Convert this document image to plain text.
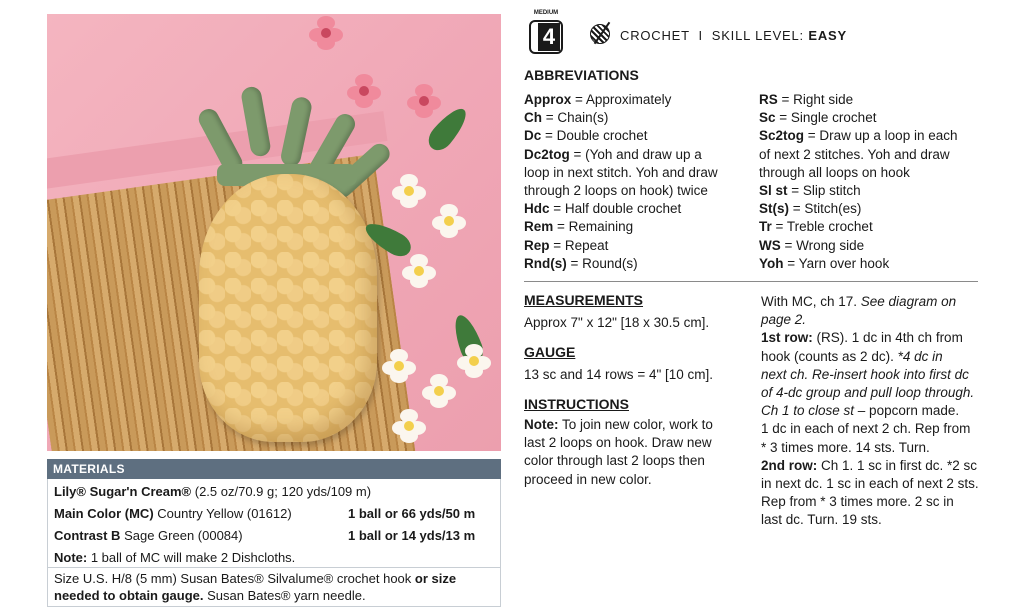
MATERIALS
Lily® Sugar'n Cream® (2.5 oz/70.9 g; 120 yds/109 m)
Main Color (MC) Country Yellow (01612)	1 ball or 66 yds/50 m
Contrast B Sage Green (00084)	1 ball or 14 yds/13 m
Note: 1 ball of MC will make 2 Dishcloths.
Size U.S. H/8 (5 mm) Susan Bates® Silvalume® crochet hook or size
needed to obtain gauge. Susan Bates® yarn needle.
MEDIUM
4	CROCHET I SKILL LEVEL: EASY
ABBREVIATIONS
Approx = Approximately
Ch = Chain(s)
Dc = Double crochet
Dc2tog = (Yoh and draw up a
loop in next stitch. Yoh and draw
through 2 loops on hook) twice
Hdc = Half double crochet
Rem = Remaining
Rep = Repeat
Rnd(s) = Round(s)
RS = Right side
Sc = Single crochet
Sc2tog = Draw up a loop in each
of next 2 stitches. Yoh and draw
through all loops on hook
Sl st = Slip stitch
St(s) = Stitch(es)
Tr = Treble crochet
WS = Wrong side
Yoh = Yarn over hook
MEASUREMENTS
Approx 7" x 12" [18 x 30.5 cm].
GAUGE
13 sc and 14 rows = 4" [10 cm].
INSTRUCTIONS
Note: To join new color, work to
last 2 loops on hook. Draw new
color through last 2 loops then
proceed in new color.
With MC, ch 17. See diagram on
page 2.
1st row: (RS). 1 dc in 4th ch from
hook (counts as 2 dc). *4 dc in
next ch. Re-insert hook into first dc
of 4-dc group and pull loop through.
Ch 1 to close st – popcorn made.
1 dc in each of next 2 ch. Rep from
* 3 times more. 14 sts. Turn.
2nd row: Ch 1. 1 sc in first dc. *2 sc
in next dc. 1 sc in each of next 2 sts.
Rep from * 3 times more. 2 sc in
last dc. Turn. 19 sts.
